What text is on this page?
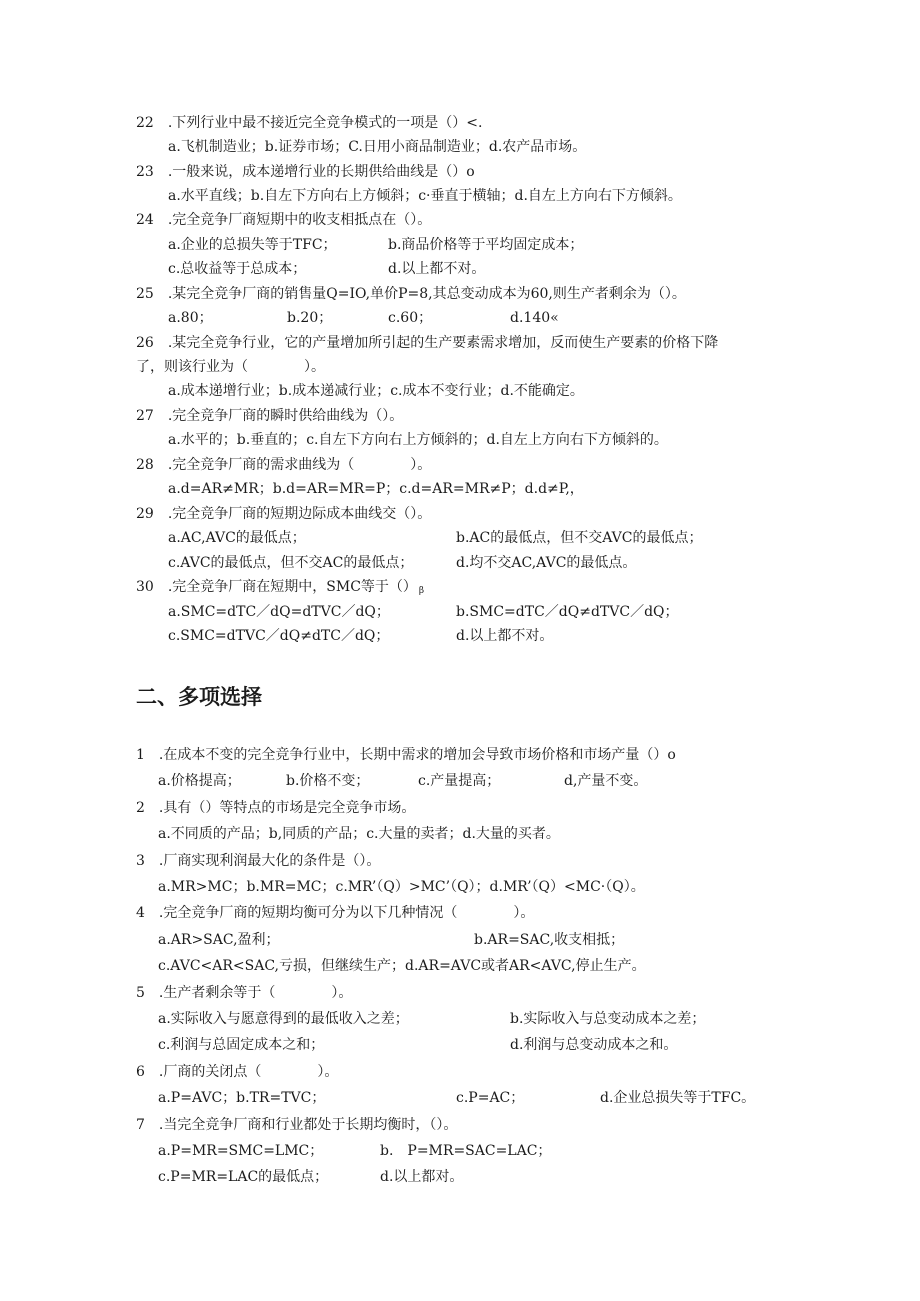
22　.下列行业中最不接近完全竞争模式的一项是（）<.
a.飞机制造业；b.证券市场；C.日用小商品制造业；d.农产品市场。
23　.一般来说，成本递增行业的长期供给曲线是（）o
a.水平直线；b.自左下方向右上方倾斜；c·垂直于横轴；d.自左上方向右下方倾斜。
24　.完全竞争厂商短期中的收支相抵点在（）。
a.企业的总损失等于TFC；	b.商品价格等于平均固定成本；
c.总收益等于总成本；	d.以上都不对。
25　.某完全竞争厂商的销售量Q=IO,单价P=8,其总变动成本为60,则生产者剩余为（）。
a.80；	b.20；	c.60；	d.140«
26　.某完全竞争行业，它的产量增加所引起的生产要素需求增加，反而使生产要素的价格下降
了，则该行业为（　　　　）。
a.成本递增行业；b.成本递减行业；c.成本不变行业；d.不能确定。
27　.完全竞争厂商的瞬时供给曲线为（）。
a.水平的；b.垂直的；c.自左下方向右上方倾斜的；d.自左上方向右下方倾斜的。
28　.完全竞争厂商的需求曲线为（　　　　）。
a.d=AR≠MR；b.d=AR=MR=P；c.d=AR=MR≠P；d.d≠P,，
29　.完全竞争厂商的短期边际成本曲线交（）。
a.AC,AVC的最低点；	b.AC的最低点，但不交AVC的最低点；
c.AVC的最低点，但不交AC的最低点；	d.均不交AC,AVC的最低点。
30　.完全竞争厂商在短期中，SMC等于（） β
a.SMC=dTC／dQ=dTVC／dQ；	b.SMC=dTC／dQ≠dTVC／dQ；
c.SMC=dTVC／dQ≠dTC／dQ；	d.以上都不对。
二、多项选择
1　.在成本不变的完全竞争行业中，长期中需求的增加会导致市场价格和市场产量（）o
a.价格提高；	b.价格不变；	c.产量提高；	d,产量不变。
2　.具有（）等特点的市场是完全竞争市场。
a.不同质的产品；b,同质的产品；c.大量的卖者；d.大量的买者。
3　.厂商实现利润最大化的条件是（）。
a.MR>MC；b.MR=MC；c.MR’（Q）>MC’（Q）；d.MR’（Q）<MC·（Q）。
4　.完全竞争厂商的短期均衡可分为以下几种情况（　　　　）。
a.AR>SAC,盈利；	b.AR=SAC,收支相抵；
c.AVC<AR<SAC,亏损，但继续生产；d.AR=AVC或者AR<AVC,停止生产。
5　.生产者剩余等于（　　　　）。
a.实际收入与愿意得到的最低收入之差；	b.实际收入与总变动成本之差；
c.利润与总固定成本之和；	d.利润与总变动成本之和。
6　.厂商的关闭点（　　　　）。
a.P=AVC；b.TR=TVC；	c.P=AC；	d.企业总损失等于TFC。
7　.当完全竞争厂商和行业都处于长期均衡时，（）。
a.P=MR=SMC=LMC；	b.　P=MR=SAC=LAC；
c.P=MR=LAC的最低点；	d.以上都对。
